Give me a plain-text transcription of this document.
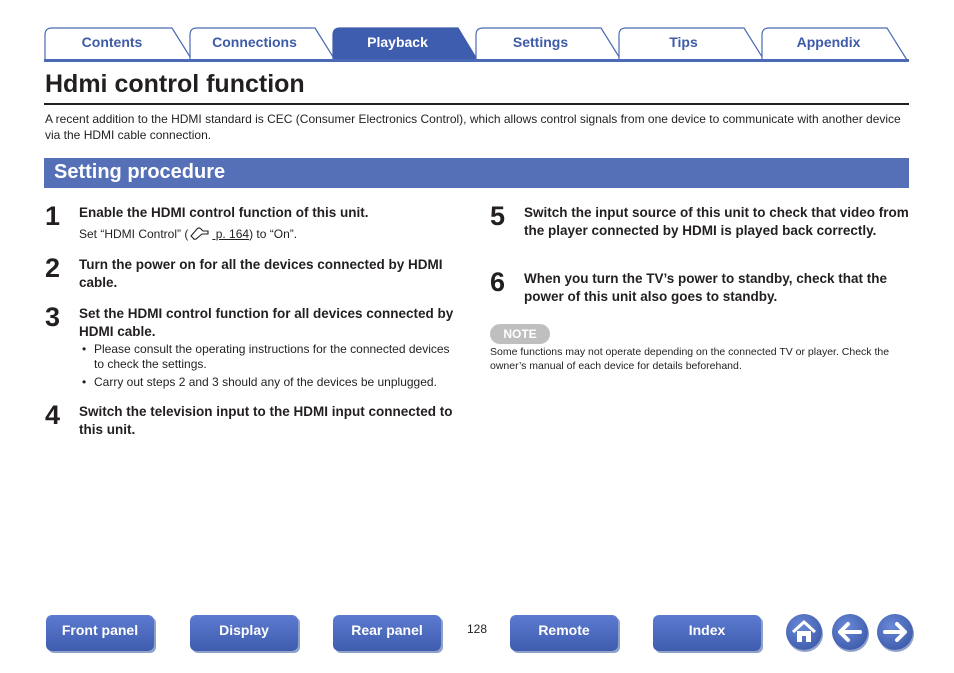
Contents	Connections	Playback	Settings	Tips	Appendix
Hdmi control function
A recent addition to the HDMI standard is CEC (Consumer Electronics Control), which allows control signals from one device to communicate with another device via the HDMI cable connection.
Setting procedure
1 Enable the HDMI control function of this unit.
Set “HDMI Control” ( p. 164) to “On”.
2 Turn the power on for all the devices connected by HDMI cable.
3 Set the HDMI control function for all devices connected by HDMI cable.
• Please consult the operating instructions for the connected devices to check the settings.
• Carry out steps 2 and 3 should any of the devices be unplugged.
4 Switch the television input to the HDMI input connected to this unit.
5 Switch the input source of this unit to check that video from the player connected by HDMI is played back correctly.
6 When you turn the TV’s power to standby, check that the power of this unit also goes to standby.
NOTE
Some functions may not operate depending on the connected TV or player. Check the owner’s manual of each device for details beforehand.
Front panel	Display	Rear panel	128	Remote	Index
